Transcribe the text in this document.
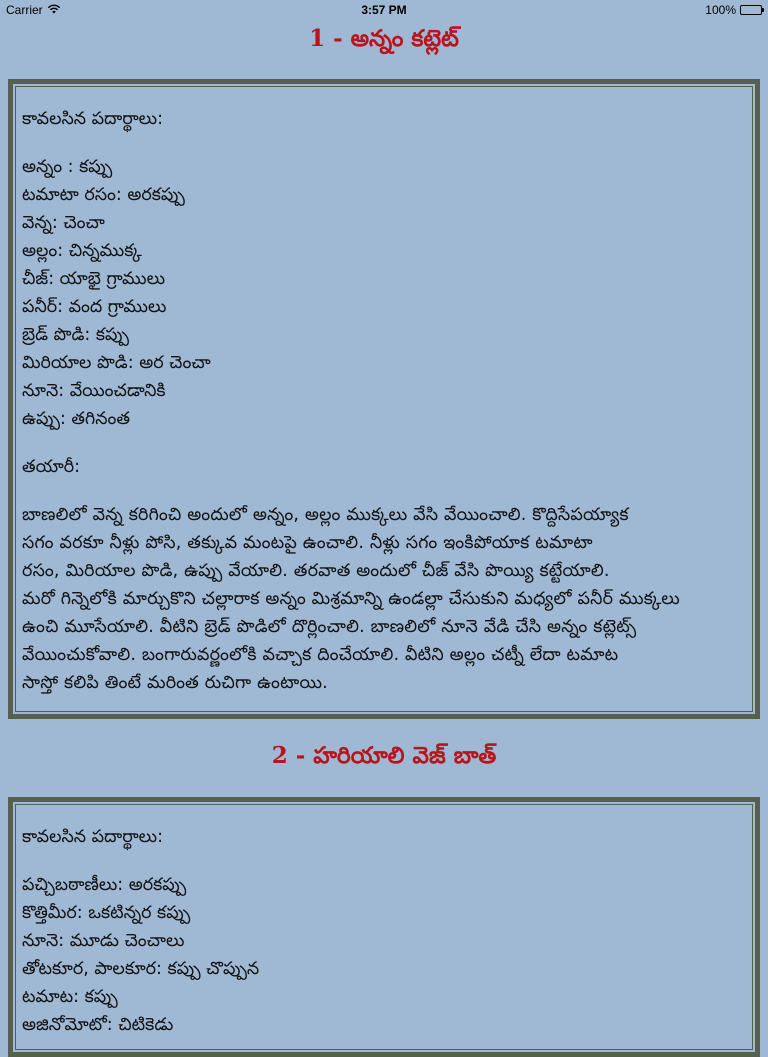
Carrier	3:57 PM	100%
1 - అన్నం కట్లెట్
కావలసిన పదార్థాలు:
అన్నం : కప్పు
టమాటా రసం: అరకప్పు
వెన్న: చెంచా
అల్లం: చిన్నముక్క
చీజ్: యాభై గ్రాములు
పనీర్: వంద గ్రాములు
బ్రెడ్ పొడి: కప్పు
మిరియాల పొడి: అర చెంచా
నూనె: వేయించడానికి
ఉప్పు: తగినంత
తయారీ:
బాణలిలో వెన్న కరిగించి అందులో అన్నం, అల్లం ముక్కలు వేసి వేయించాలి. కొద్దిసేపయ్యాక
సగం వరకూ నీళ్లు పోసి, తక్కువ మంటపై ఉంచాలి. నీళ్లు సగం ఇంకిపోయాక టమాటా
రసం, మిరియాల పొడి, ఉప్పు వేయాలి. తరవాత అందులో చీజ్ వేసి పొయ్యి కట్టేయాలి.
మరో గిన్నెలోకి మార్చుకొని చల్లారాక అన్నం మిశ్రమాన్ని ఉండల్లా చేసుకుని మధ్యలో పనీర్ ముక్కలు
ఉంచి మూసేయాలి. వీటిని బ్రెడ్ పొడిలో దొర్లించాలి. బాణలిలో నూనె వేడి చేసి అన్నం కట్లెట్స్
వేయించుకోవాలి. బంగారువర్ణంలోకి వచ్చాక దించేయాలి. వీటిని అల్లం చట్నీ లేదా టమాట
సాస్తో కలిపి తింటే మరింత రుచిగా ఉంటాయి.
2 - హరియాలి వెజ్ బాత్
కావలసిన పదార్థాలు:
పచ్చిబఠాణీలు: అరకప్పు
కొత్తిమీర: ఒకటిన్నర కప్పు
నూనె: మూడు చెంచాలు
తోటకూర, పాలకూర: కప్పు చొప్పున
టమాట: కప్పు
అజినోమోటో: చిటికెడు
